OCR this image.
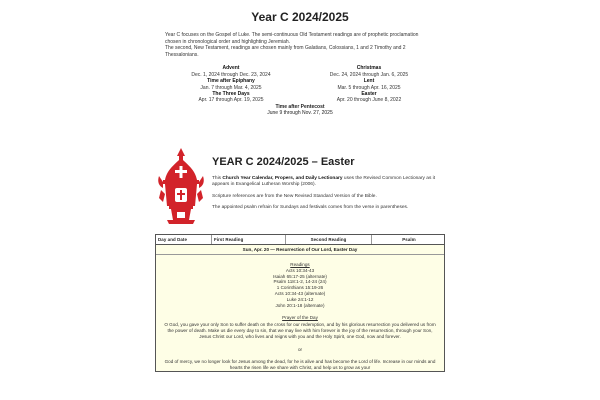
Year C 2024/2025

Year C focuses on the Gospel of Luke. The semi-continuous Old Testament readings are of prophetic proclamation chosen in chronological order and highlighting Jeremiah.

The second, New Testament, readings are chosen mainly from Galatians, Colossians, 1 and 2 Timothy and 2 Thessalonians.

Advent
Dec. 1, 2024 through Dec. 23, 2024
Christmas
Dec. 24, 2024 through Jan. 6, 2025
Time after Epiphany
Jan. 7 through Mar. 4, 2025
Lent
Mar. 5 through Apr. 16, 2025
The Three Days
Apr. 17 through Apr. 19, 2025
Easter
Apr. 20 through June 8, 2022
Time after Pentecost
June 9 through Nov. 27, 2025
YEAR C 2024/2025 – Easter

This Church Year Calendar, Propers, and Daily Lectionary uses the Revised Common Lectionary as it appears in Evangelical Lutheran Worship (2006).

Scripture references are from the New Revised Standard Version of the Bible.

The appointed psalm refrain for Sundays and festivals comes from the verse in parentheses.

Day and Date	First Reading	Second Reading	Psalm
Sun, Apr. 20 — Resurrection of Our Lord, Easter Day
Readings
Acts 10:34-43
Isaiah 65:17-25 (alternate)
Psalm 118:1-2, 14-24 (24)
1 Corinthians 15:19-26
Acts 10:34-43 (alternate)
Luke 24:1-12
John 20:1-18 (alternate)
Prayer of the Day
O God, you gave your only Son to suffer death on the cross for our redemption, and by his glorious resurrection you delivered us from the power of death. Make us die every day to sin, that we may live with him forever in the joy of the resurrection, through your Son, Jesus Christ our Lord, who lives and reigns with you and the Holy Spirit, one God, now and forever.
or
God of mercy, we no longer look for Jesus among the dead, for he is alive and has become the Lord of life. Increase in our minds and hearts the risen life we share with Christ, and help us to grow as your
